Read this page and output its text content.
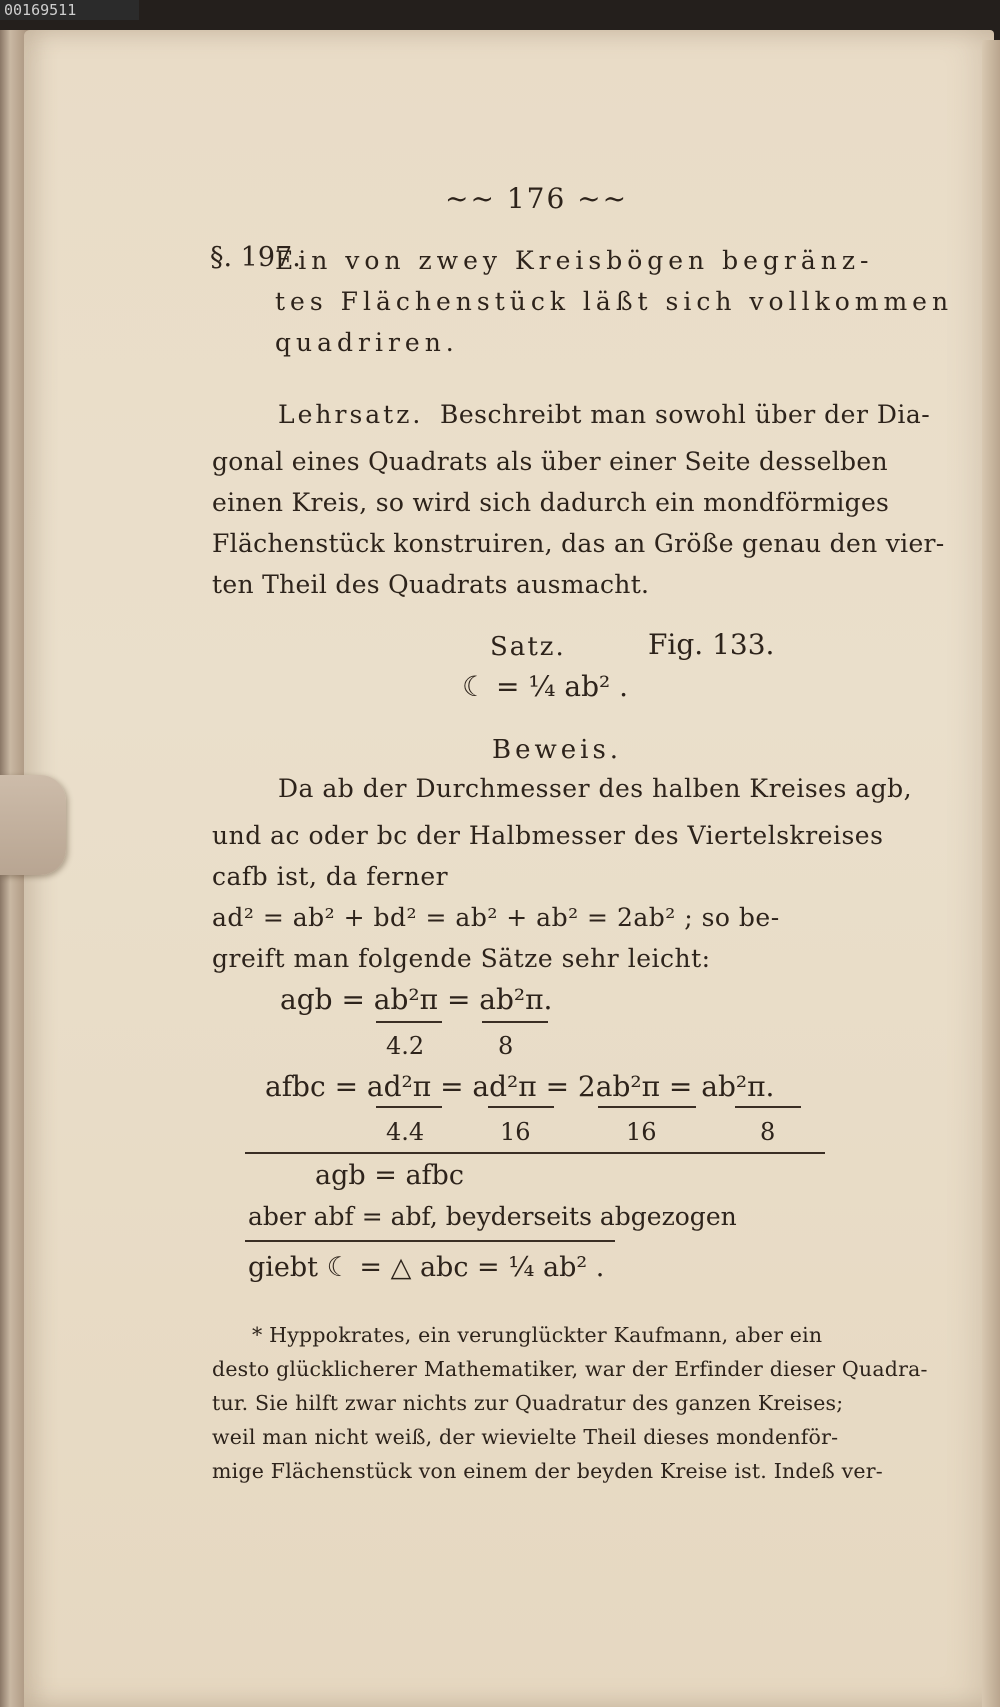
00169511
~~ 176 ~~
§. 197.
Ein von zwey Kreisbögen begränz-
tes Flächenstück läßt sich vollkommen
quadriren.
Lehrsatz. Beschreibt man sowohl über der Dia-
gonal eines Quadrats als über einer Seite desselben
einen Kreis, so wird sich dadurch ein mondförmiges
Flächenstück konstruiren, das an Größe genau den vier-
ten Theil des Quadrats ausmacht.
Satz.	Fig. 133.
☾ = ¼ ab² .
Beweis.
Da ab der Durchmesser des halben Kreises agb,
und ac oder bc der Halbmesser des Viertelskreises
cafb ist, da ferner
ad² = ab² + bd² = ab² + ab² = 2ab² ; so be-
greift man folgende Sätze sehr leicht:
agb = ab²π = ab²π.
4.2	8
afbc = ad²π = ad²π = 2ab²π = ab²π.
4.4	16	16	8
agb = afbc
aber abf = abf, beyderseits abgezogen
giebt ☾ = △ abc = ¼ ab² .
* Hyppokrates, ein verunglückter Kaufmann, aber ein
desto glücklicherer Mathematiker, war der Erfinder dieser Quadra-
tur. Sie hilft zwar nichts zur Quadratur des ganzen Kreises;
weil man nicht weiß, der wievielte Theil dieses mondenför-
mige Flächenstück von einem der beyden Kreise ist. Indeß ver-
